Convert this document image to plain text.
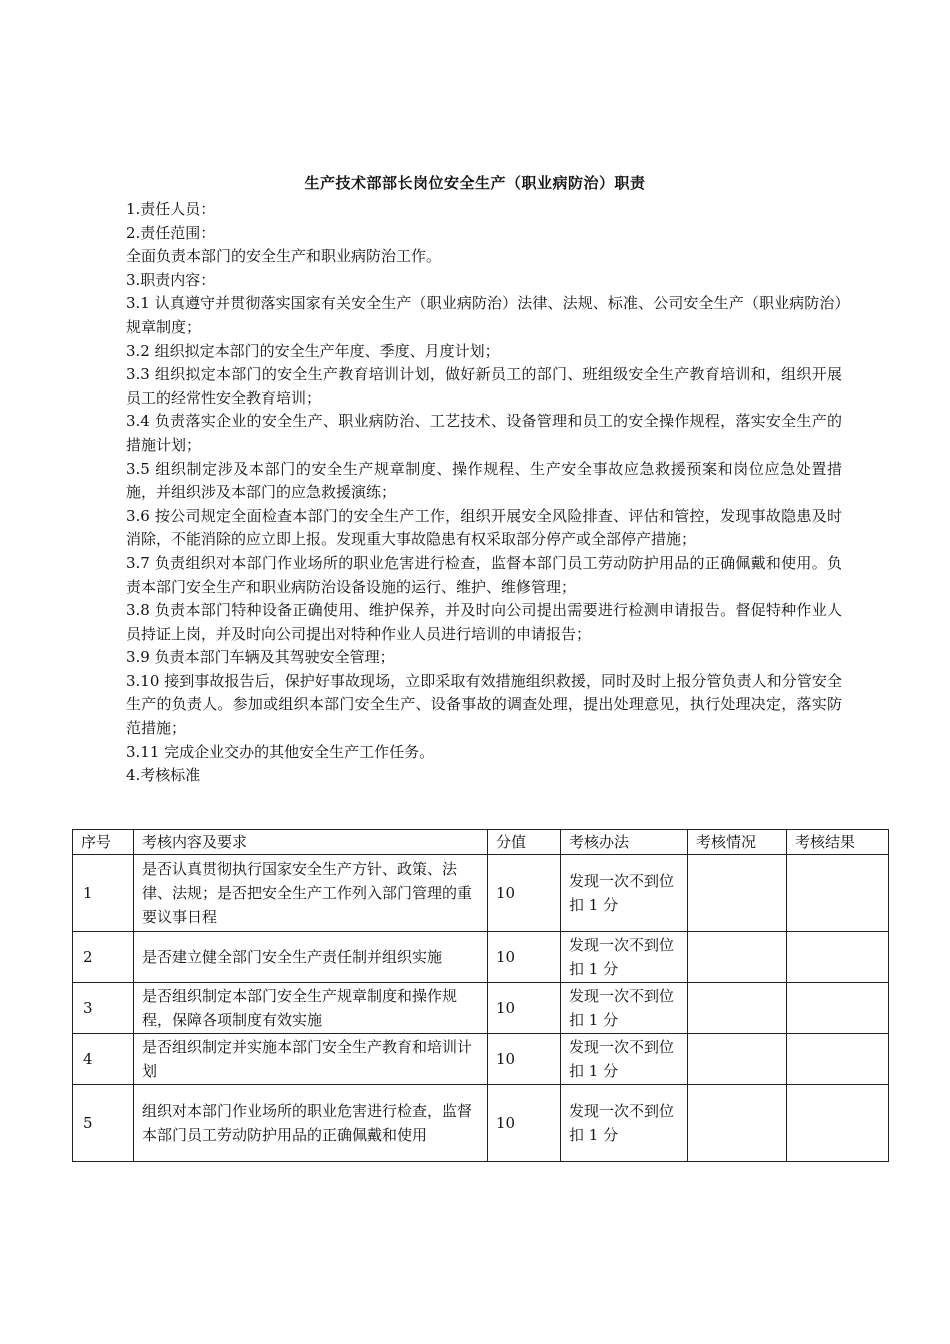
生产技术部部长岗位安全生产（职业病防治）职责

1.责任人员：

2.责任范围：

全面负责本部门的安全生产和职业病防治工作。

3.职责内容：

3.1 认真遵守并贯彻落实国家有关安全生产（职业病防治）法律、法规、标准、公司安全生产（职业病防治）规章制度；

3.2 组织拟定本部门的安全生产年度、季度、月度计划；

3.3 组织拟定本部门的安全生产教育培训计划，做好新员工的部门、班组级安全生产教育培训和，组织开展员工的经常性安全教育培训；

3.4 负责落实企业的安全生产、职业病防治、工艺技术、设备管理和员工的安全操作规程，落实安全生产的措施计划；

3.5 组织制定涉及本部门的安全生产规章制度、操作规程、生产安全事故应急救援预案和岗位应急处置措施，并组织涉及本部门的应急救援演练；

3.6 按公司规定全面检查本部门的安全生产工作，组织开展安全风险排查、评估和管控，发现事故隐患及时消除，不能消除的应立即上报。发现重大事故隐患有权采取部分停产或全部停产措施；

3.7 负责组织对本部门作业场所的职业危害进行检查，监督本部门员工劳动防护用品的正确佩戴和使用。负责本部门安全生产和职业病防治设备设施的运行、维护、维修管理；

3.8 负责本部门特种设备正确使用、维护保养，并及时向公司提出需要进行检测申请报告。督促特种作业人员持证上岗，并及时向公司提出对特种作业人员进行培训的申请报告；

3.9 负责本部门车辆及其驾驶安全管理；

3.10 接到事故报告后，保护好事故现场，立即采取有效措施组织救援，同时及时上报分管负责人和分管安全生产的负责人。参加或组织本部门安全生产、设备事故的调查处理，提出处理意见，执行处理决定，落实防范措施；

3.11 完成企业交办的其他安全生产工作任务。

4.考核标准

序号	考核内容及要求	分值	考核办法	考核情况	考核结果
1	是否认真贯彻执行国家安全生产方针、政策、法律、法规；是否把安全生产工作列入部门管理的重要议事日程	10	发现一次不到位扣 1 分		
2	是否建立健全部门安全生产责任制并组织实施	10	发现一次不到位扣 1 分		
3	是否组织制定本部门安全生产规章制度和操作规程，保障各项制度有效实施	10	发现一次不到位扣 1 分		
4	是否组织制定并实施本部门安全生产教育和培训计划	10	发现一次不到位扣 1 分		
5	组织对本部门作业场所的职业危害进行检查，监督本部门员工劳动防护用品的正确佩戴和使用	10	发现一次不到位扣 1 分		
